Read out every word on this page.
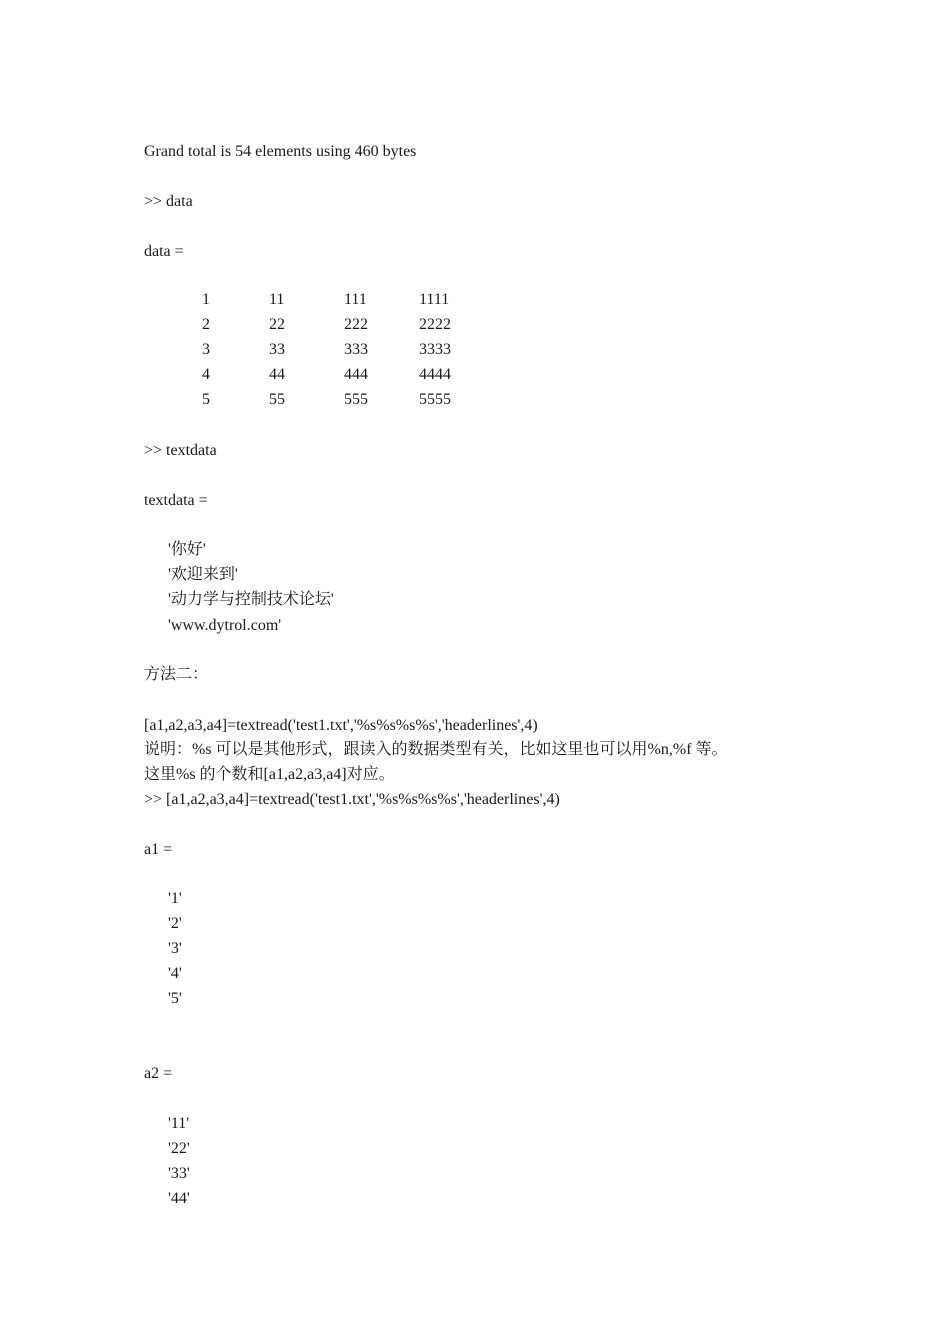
Grand total is 54 elements using 460 bytes
>> data
data =
1	11	111	1111
2	22	222	2222
3	33	333	3333
4	44	444	4444
5	55	555	5555
>> textdata
textdata =
'你好'
'欢迎来到'
'动力学与控制技术论坛'
'www.dytrol.com'
方法二：
[a1,a2,a3,a4]=textread('test1.txt','%s%s%s%s','headerlines',4)
说明：%s 可以是其他形式，跟读入的数据类型有关，比如这里也可以用%n,%f 等。
这里%s 的个数和[a1,a2,a3,a4]对应。
>> [a1,a2,a3,a4]=textread('test1.txt','%s%s%s%s','headerlines',4)
a1 =
'1'
'2'
'3'
'4'
'5'
a2 =
'11'
'22'
'33'
'44'
